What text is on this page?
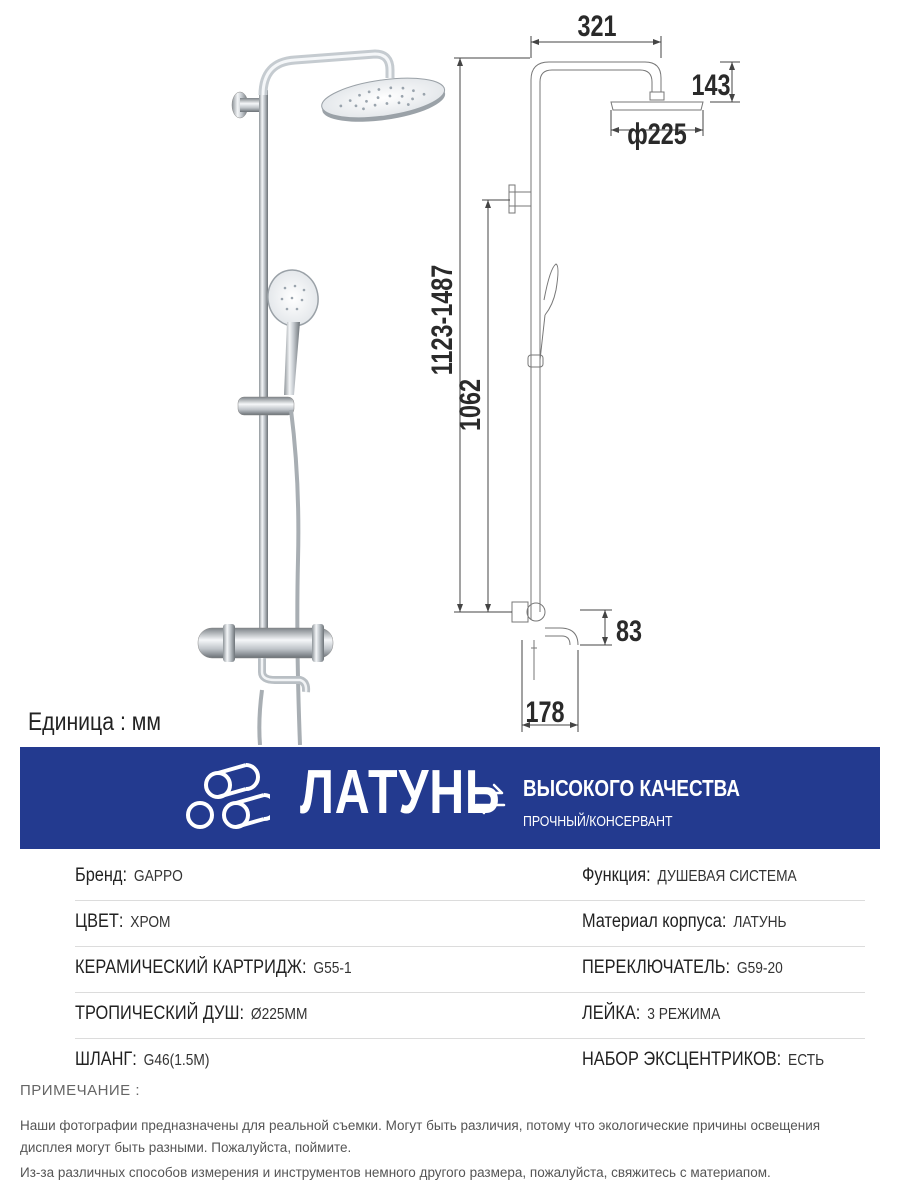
321
143
ф225
1123-1487
1062
83
178
Единица : мм
ЛАТУНЬ ВЫСОКОГО КАЧЕСТВА
ПРОЧНЫЙ/КОНСЕРВАНТ
Бренд: GAPPO	Функция: ДУШЕВАЯ СИСТЕМА
ЦВЕТ: ХРОМ	Материал корпуса: ЛАТУНЬ
КЕРАМИЧЕСКИЙ КАРТРИДЖ: G55-1	ПЕРЕКЛЮЧАТЕЛЬ: G59-20
ТРОПИЧЕСКИЙ ДУШ: Ø225ММ	ЛЕЙКА: 3 РЕЖИМА
ШЛАНГ: G46(1.5M)	НАБОР ЭКСЦЕНТРИКОВ: ЕСТЬ
ПРИМЕЧАНИЕ :
Наши фотографии предназначены для реальной съемки. Могут быть различия, потому что экологические причины освещения дисплея могут быть разными. Пожалуйста, поймите.
Из-за различных способов измерения и инструментов немного другого размера, пожалуйста, свяжитесь с материапом.
